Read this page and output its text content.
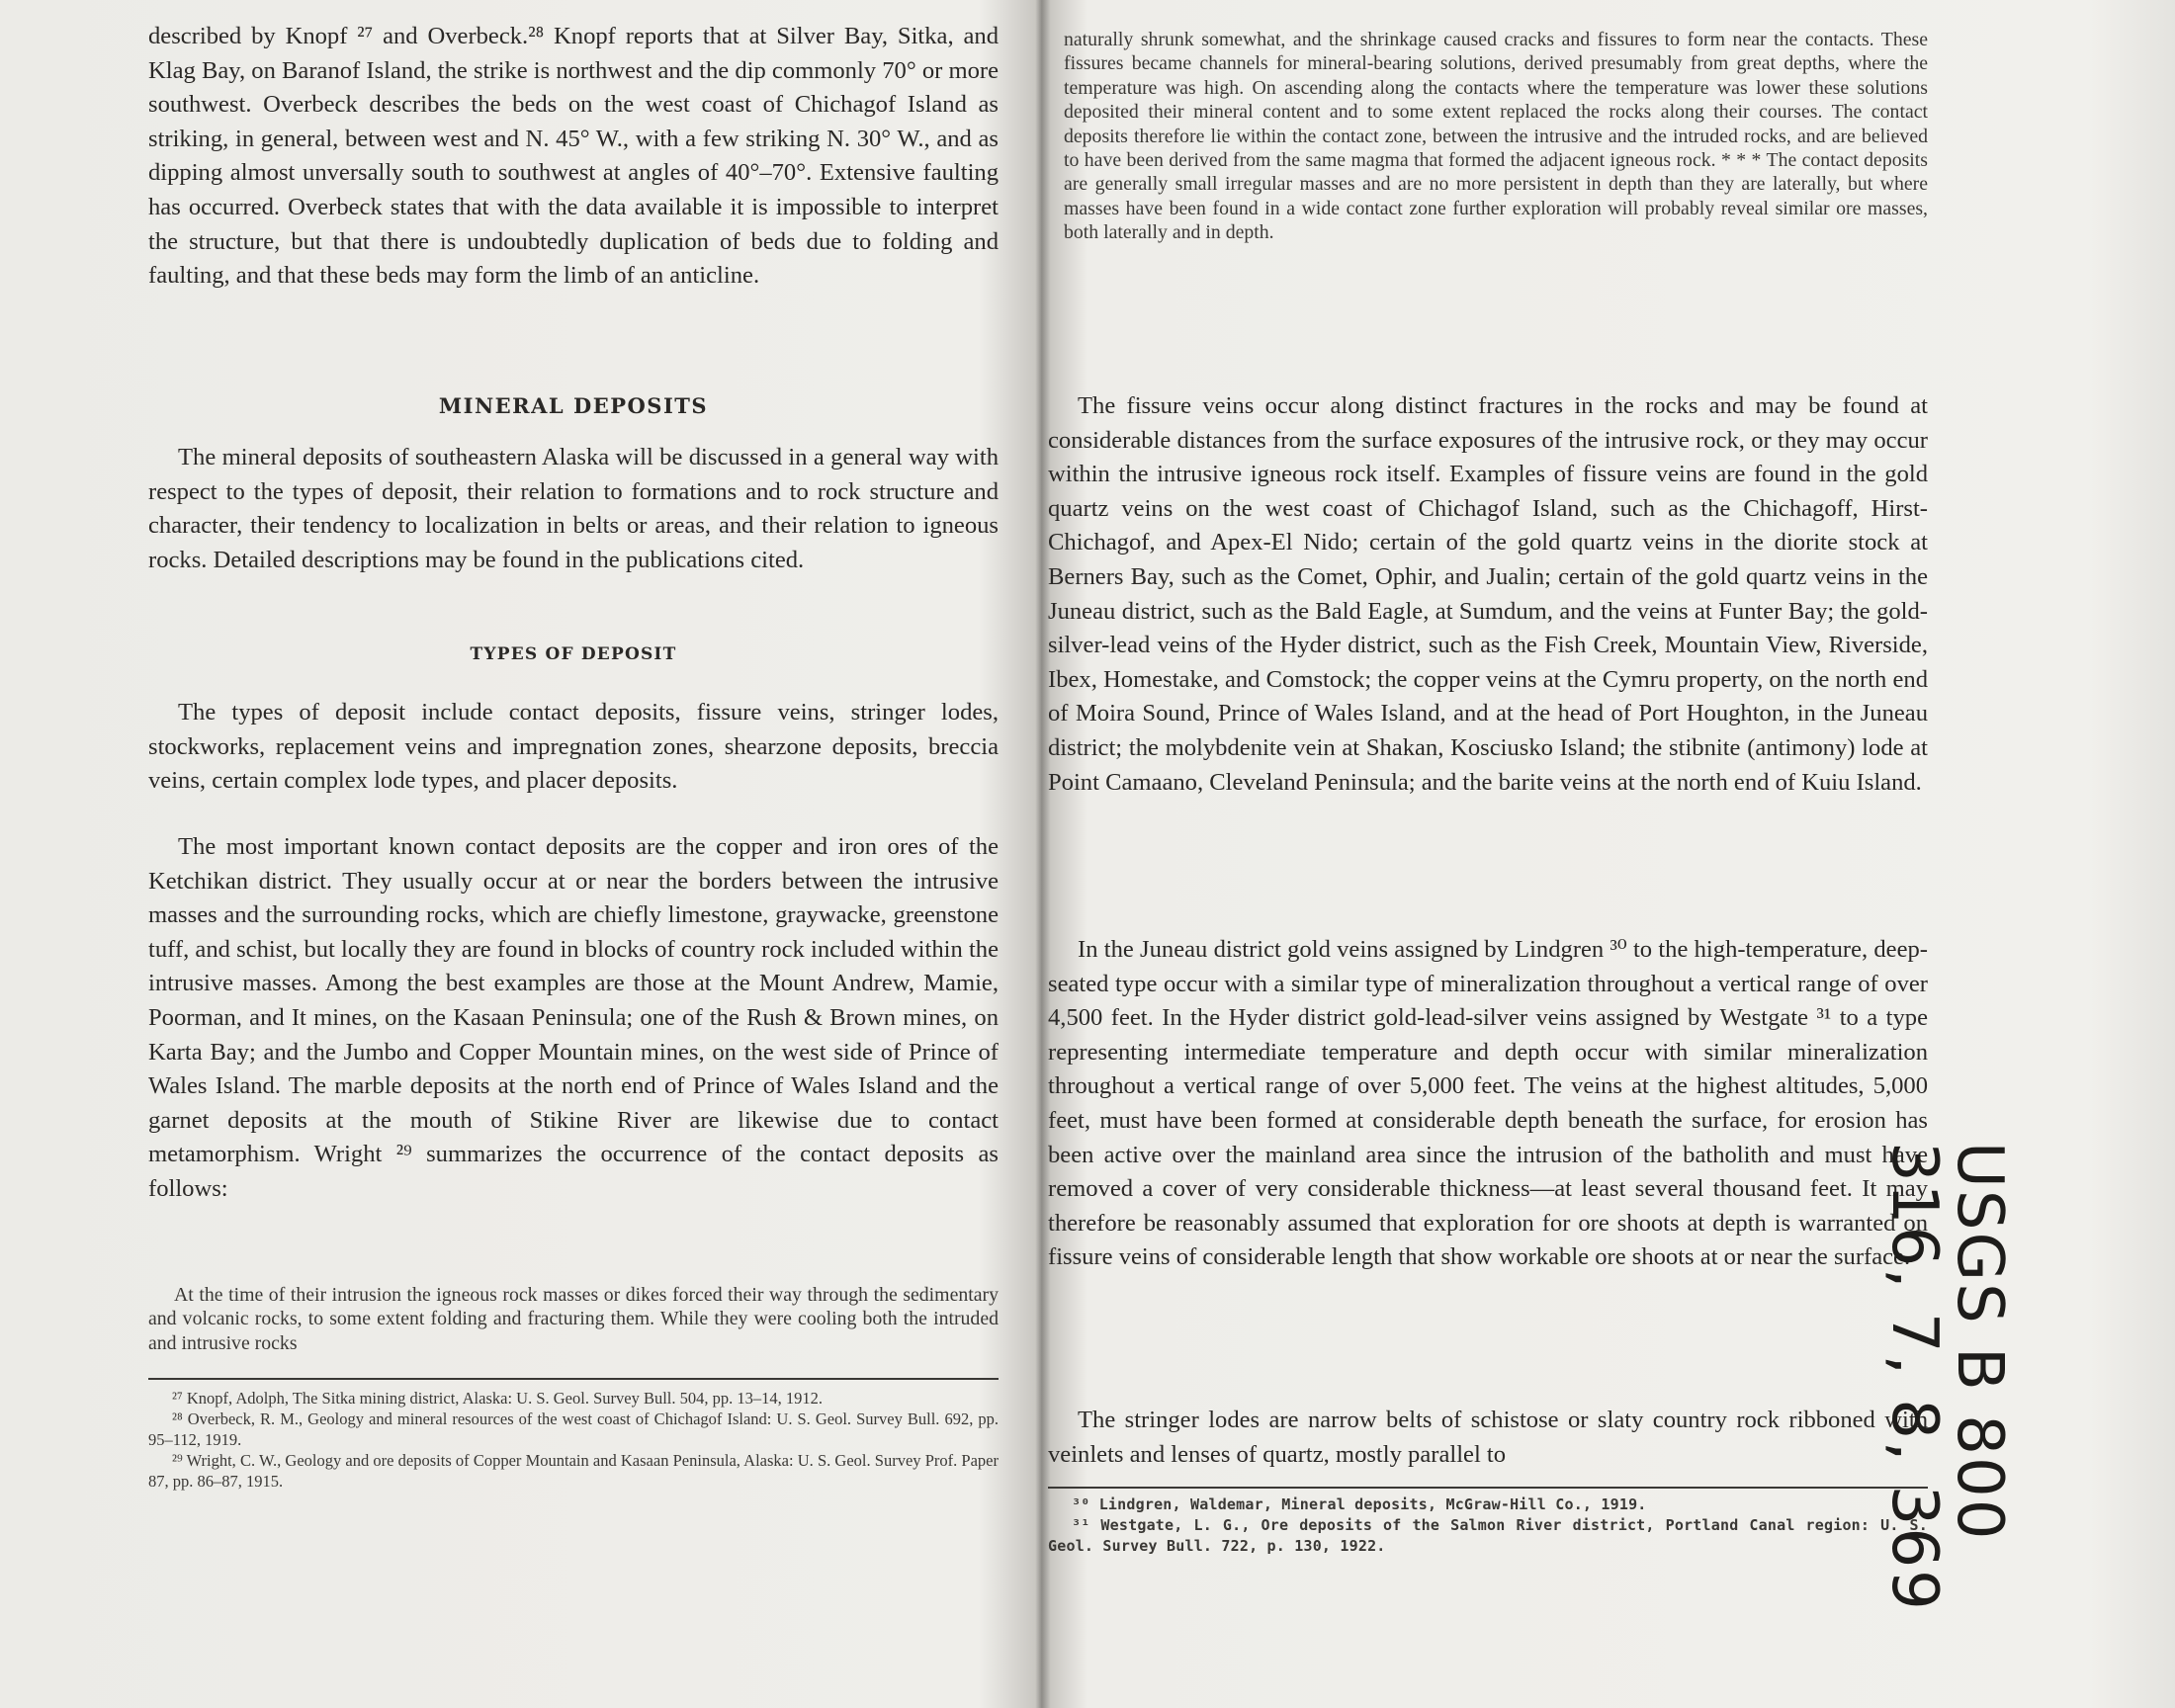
described by Knopf ²⁷ and Overbeck.²⁸ Knopf reports that at Silver Bay, Sitka, and Klag Bay, on Baranof Island, the strike is northwest and the dip commonly 70° or more southwest. Overbeck describes the beds on the west coast of Chichagof Island as striking, in general, between west and N. 45° W., with a few striking N. 30° W., and as dipping almost unversally south to southwest at angles of 40°–70°. Extensive faulting has occurred. Overbeck states that with the data available it is impossible to interpret the structure, but that there is undoubtedly duplication of beds due to folding and faulting, and that these beds may form the limb of an anticline.

MINERAL DEPOSITS

The mineral deposits of southeastern Alaska will be discussed in a general way with respect to the types of deposit, their relation to formations and to rock structure and character, their tendency to localization in belts or areas, and their relation to igneous rocks. Detailed descriptions may be found in the publications cited.

TYPES OF DEPOSIT

The types of deposit include contact deposits, fissure veins, stringer lodes, stockworks, replacement veins and impregnation zones, shearzone deposits, breccia veins, certain complex lode types, and placer deposits.

The most important known contact deposits are the copper and iron ores of the Ketchikan district. They usually occur at or near the borders between the intrusive masses and the surrounding rocks, which are chiefly limestone, graywacke, greenstone tuff, and schist, but locally they are found in blocks of country rock included within the intrusive masses. Among the best examples are those at the Mount Andrew, Mamie, Poorman, and It mines, on the Kasaan Peninsula; one of the Rush & Brown mines, on Karta Bay; and the Jumbo and Copper Mountain mines, on the west side of Prince of Wales Island. The marble deposits at the north end of Prince of Wales Island and the garnet deposits at the mouth of Stikine River are likewise due to contact metamorphism. Wright ²⁹ summarizes the occurrence of the contact deposits as follows:

At the time of their intrusion the igneous rock masses or dikes forced their way through the sedimentary and volcanic rocks, to some extent folding and fracturing them. While they were cooling both the intruded and intrusive rocks

²⁷ Knopf, Adolph, The Sitka mining district, Alaska: U. S. Geol. Survey Bull. 504, pp. 13–14, 1912.

²⁸ Overbeck, R. M., Geology and mineral resources of the west coast of Chichagof Island: U. S. Geol. Survey Bull. 692, pp. 95–112, 1919.

²⁹ Wright, C. W., Geology and ore deposits of Copper Mountain and Kasaan Peninsula, Alaska: U. S. Geol. Survey Prof. Paper 87, pp. 86–87, 1915.

naturally shrunk somewhat, and the shrinkage caused cracks and fissures to form near the contacts. These fissures became channels for mineral-bearing solutions, derived presumably from great depths, where the temperature was high. On ascending along the contacts where the temperature was lower these solutions deposited their mineral content and to some extent replaced the rocks along their courses. The contact deposits therefore lie within the contact zone, between the intrusive and the intruded rocks, and are believed to have been derived from the same magma that formed the adjacent igneous rock. * * * The contact deposits are generally small irregular masses and are no more persistent in depth than they are laterally, but where masses have been found in a wide contact zone further exploration will probably reveal similar ore masses, both laterally and in depth.

The fissure veins occur along distinct fractures in the rocks and may be found at considerable distances from the surface exposures of the intrusive rock, or they may occur within the intrusive igneous rock itself. Examples of fissure veins are found in the gold quartz veins on the west coast of Chichagof Island, such as the Chichagoff, Hirst-Chichagof, and Apex-El Nido; certain of the gold quartz veins in the diorite stock at Berners Bay, such as the Comet, Ophir, and Jualin; certain of the gold quartz veins in the Juneau district, such as the Bald Eagle, at Sumdum, and the veins at Funter Bay; the gold-silver-lead veins of the Hyder district, such as the Fish Creek, Mountain View, Riverside, Ibex, Homestake, and Comstock; the copper veins at the Cymru property, on the north end of Moira Sound, Prince of Wales Island, and at the head of Port Houghton, in the Juneau district; the molybdenite vein at Shakan, Kosciusko Island; the stibnite (antimony) lode at Point Camaano, Cleveland Peninsula; and the barite veins at the north end of Kuiu Island.

In the Juneau district gold veins assigned by Lindgren ³⁰ to the high-temperature, deep-seated type occur with a similar type of mineralization throughout a vertical range of over 4,500 feet. In the Hyder district gold-lead-silver veins assigned by Westgate ³¹ to a type representing intermediate temperature and depth occur with similar mineralization throughout a vertical range of over 5,000 feet. The veins at the highest altitudes, 5,000 feet, must have been formed at considerable depth beneath the surface, for erosion has been active over the mainland area since the intrusion of the batholith and must have removed a cover of very considerable thickness—at least several thousand feet. It may therefore be reasonably assumed that exploration for ore shoots at depth is warranted on fissure veins of considerable length that show workable ore shoots at or near the surface.

The stringer lodes are narrow belts of schistose or slaty country rock ribboned with veinlets and lenses of quartz, mostly parallel to

³⁰ Lindgren, Waldemar, Mineral deposits, McGraw-Hill Co., 1919.

³¹ Westgate, L. G., Ore deposits of the Salmon River district, Portland Canal region: U. S. Geol. Survey Bull. 722, p. 130, 1922.

USGS B 800
316, 7, 8, 369
